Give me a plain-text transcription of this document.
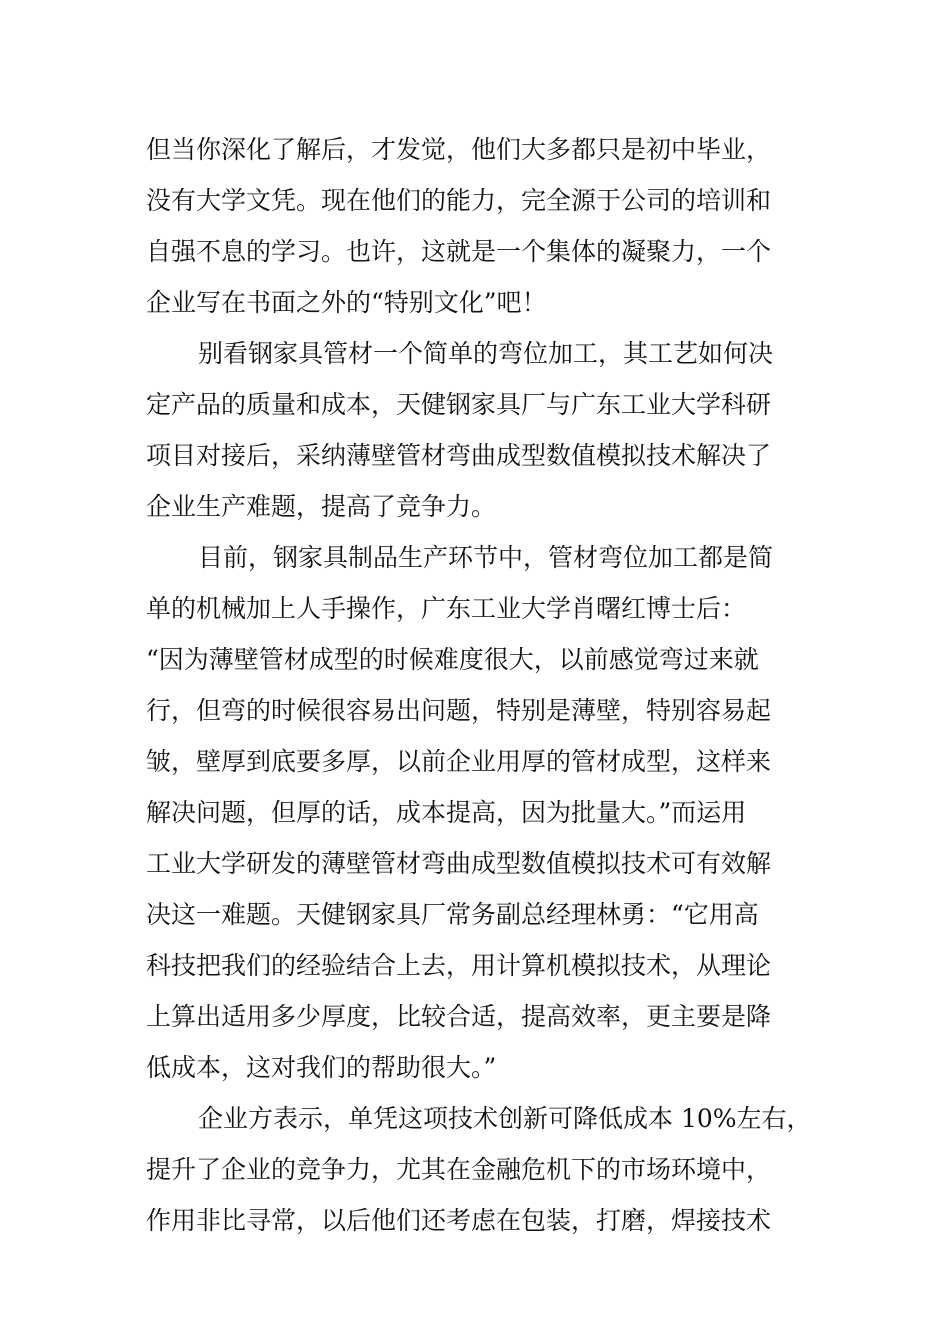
但当你深化了解后，才发觉，他们大多都只是初中毕业，
没有大学文凭。现在他们的能力，完全源于公司的培训和
自强不息的学习。也许，这就是一个集体的凝聚力，一个
企业写在书面之外的“特别文化”吧！
别看钢家具管材一个简单的弯位加工，其工艺如何决
定产品的质量和成本，天健钢家具厂与广东工业大学科研
项目对接后，采纳薄壁管材弯曲成型数值模拟技术解决了
企业生产难题，提高了竞争力。
目前，钢家具制品生产环节中，管材弯位加工都是简
单的机械加上人手操作，广东工业大学肖曙红博士后：
“因为薄壁管材成型的时候难度很大，以前感觉弯过来就
行，但弯的时候很容易出问题，特别是薄壁，特别容易起
皱，壁厚到底要多厚，以前企业用厚的管材成型，这样来
解决问题，但厚的话，成本提高，因为批量大。”而运用
工业大学研发的薄壁管材弯曲成型数值模拟技术可有效解
决这一难题。天健钢家具厂常务副总经理林勇：“它用高
科技把我们的经验结合上去，用计算机模拟技术，从理论
上算出适用多少厚度，比较合适，提高效率，更主要是降
低成本，这对我们的帮助很大。”
企业方表示，单凭这项技术创新可降低成本 10%左右，
提升了企业的竞争力，尤其在金融危机下的市场环境中，
作用非比寻常，以后他们还考虑在包装，打磨，焊接技术
